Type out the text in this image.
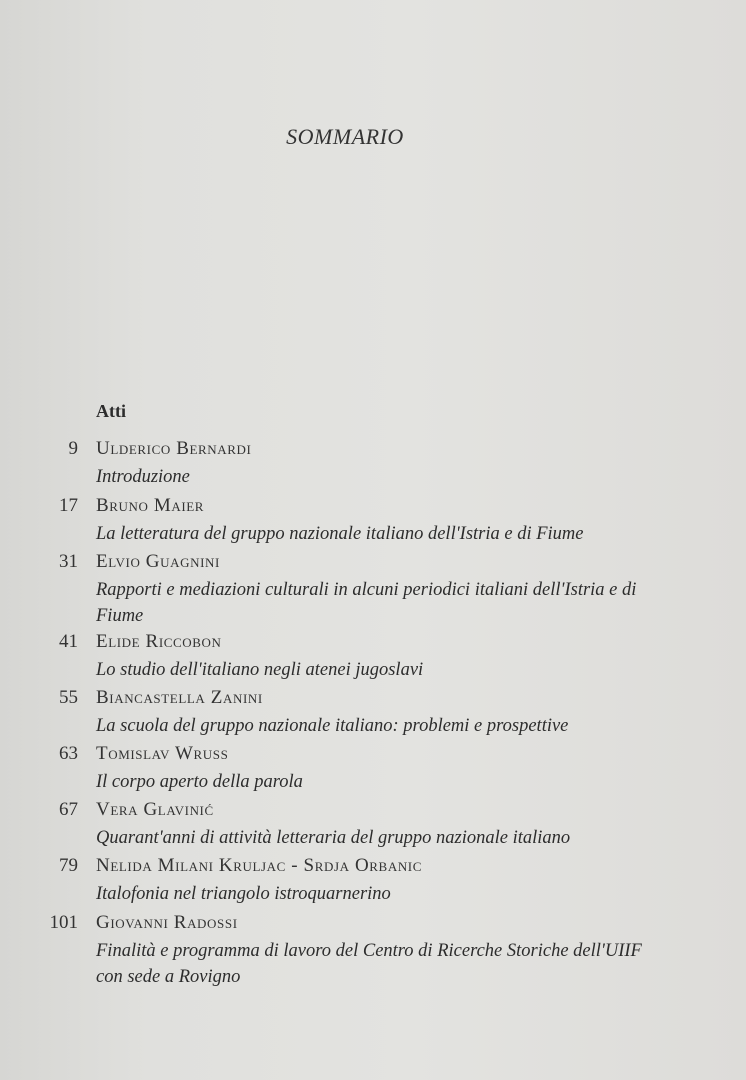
SOMMARIO
Atti
9 Ulderico Bernardi
Introduzione
17 Bruno Maier
La letteratura del gruppo nazionale italiano dell'Istria e di Fiume
31 Elvio Guagnini
Rapporti e mediazioni culturali in alcuni periodici italiani dell'Istria e di Fiume
41 Elide Riccobon
Lo studio dell'italiano negli atenei jugoslavi
55 Biancastella Zanini
La scuola del gruppo nazionale italiano: problemi e prospettive
63 Tomislav Wruss
Il corpo aperto della parola
67 Vera Glavinić
Quarant'anni di attività letteraria del gruppo nazionale italiano
79 Nelida Milani Kruljac - Srdja Orbanic
Italofonia nel triangolo istroquarnerino
101 Giovanni Radossi
Finalità e programma di lavoro del Centro di Ricerche Storiche dell'UIIF con sede a Rovigno
